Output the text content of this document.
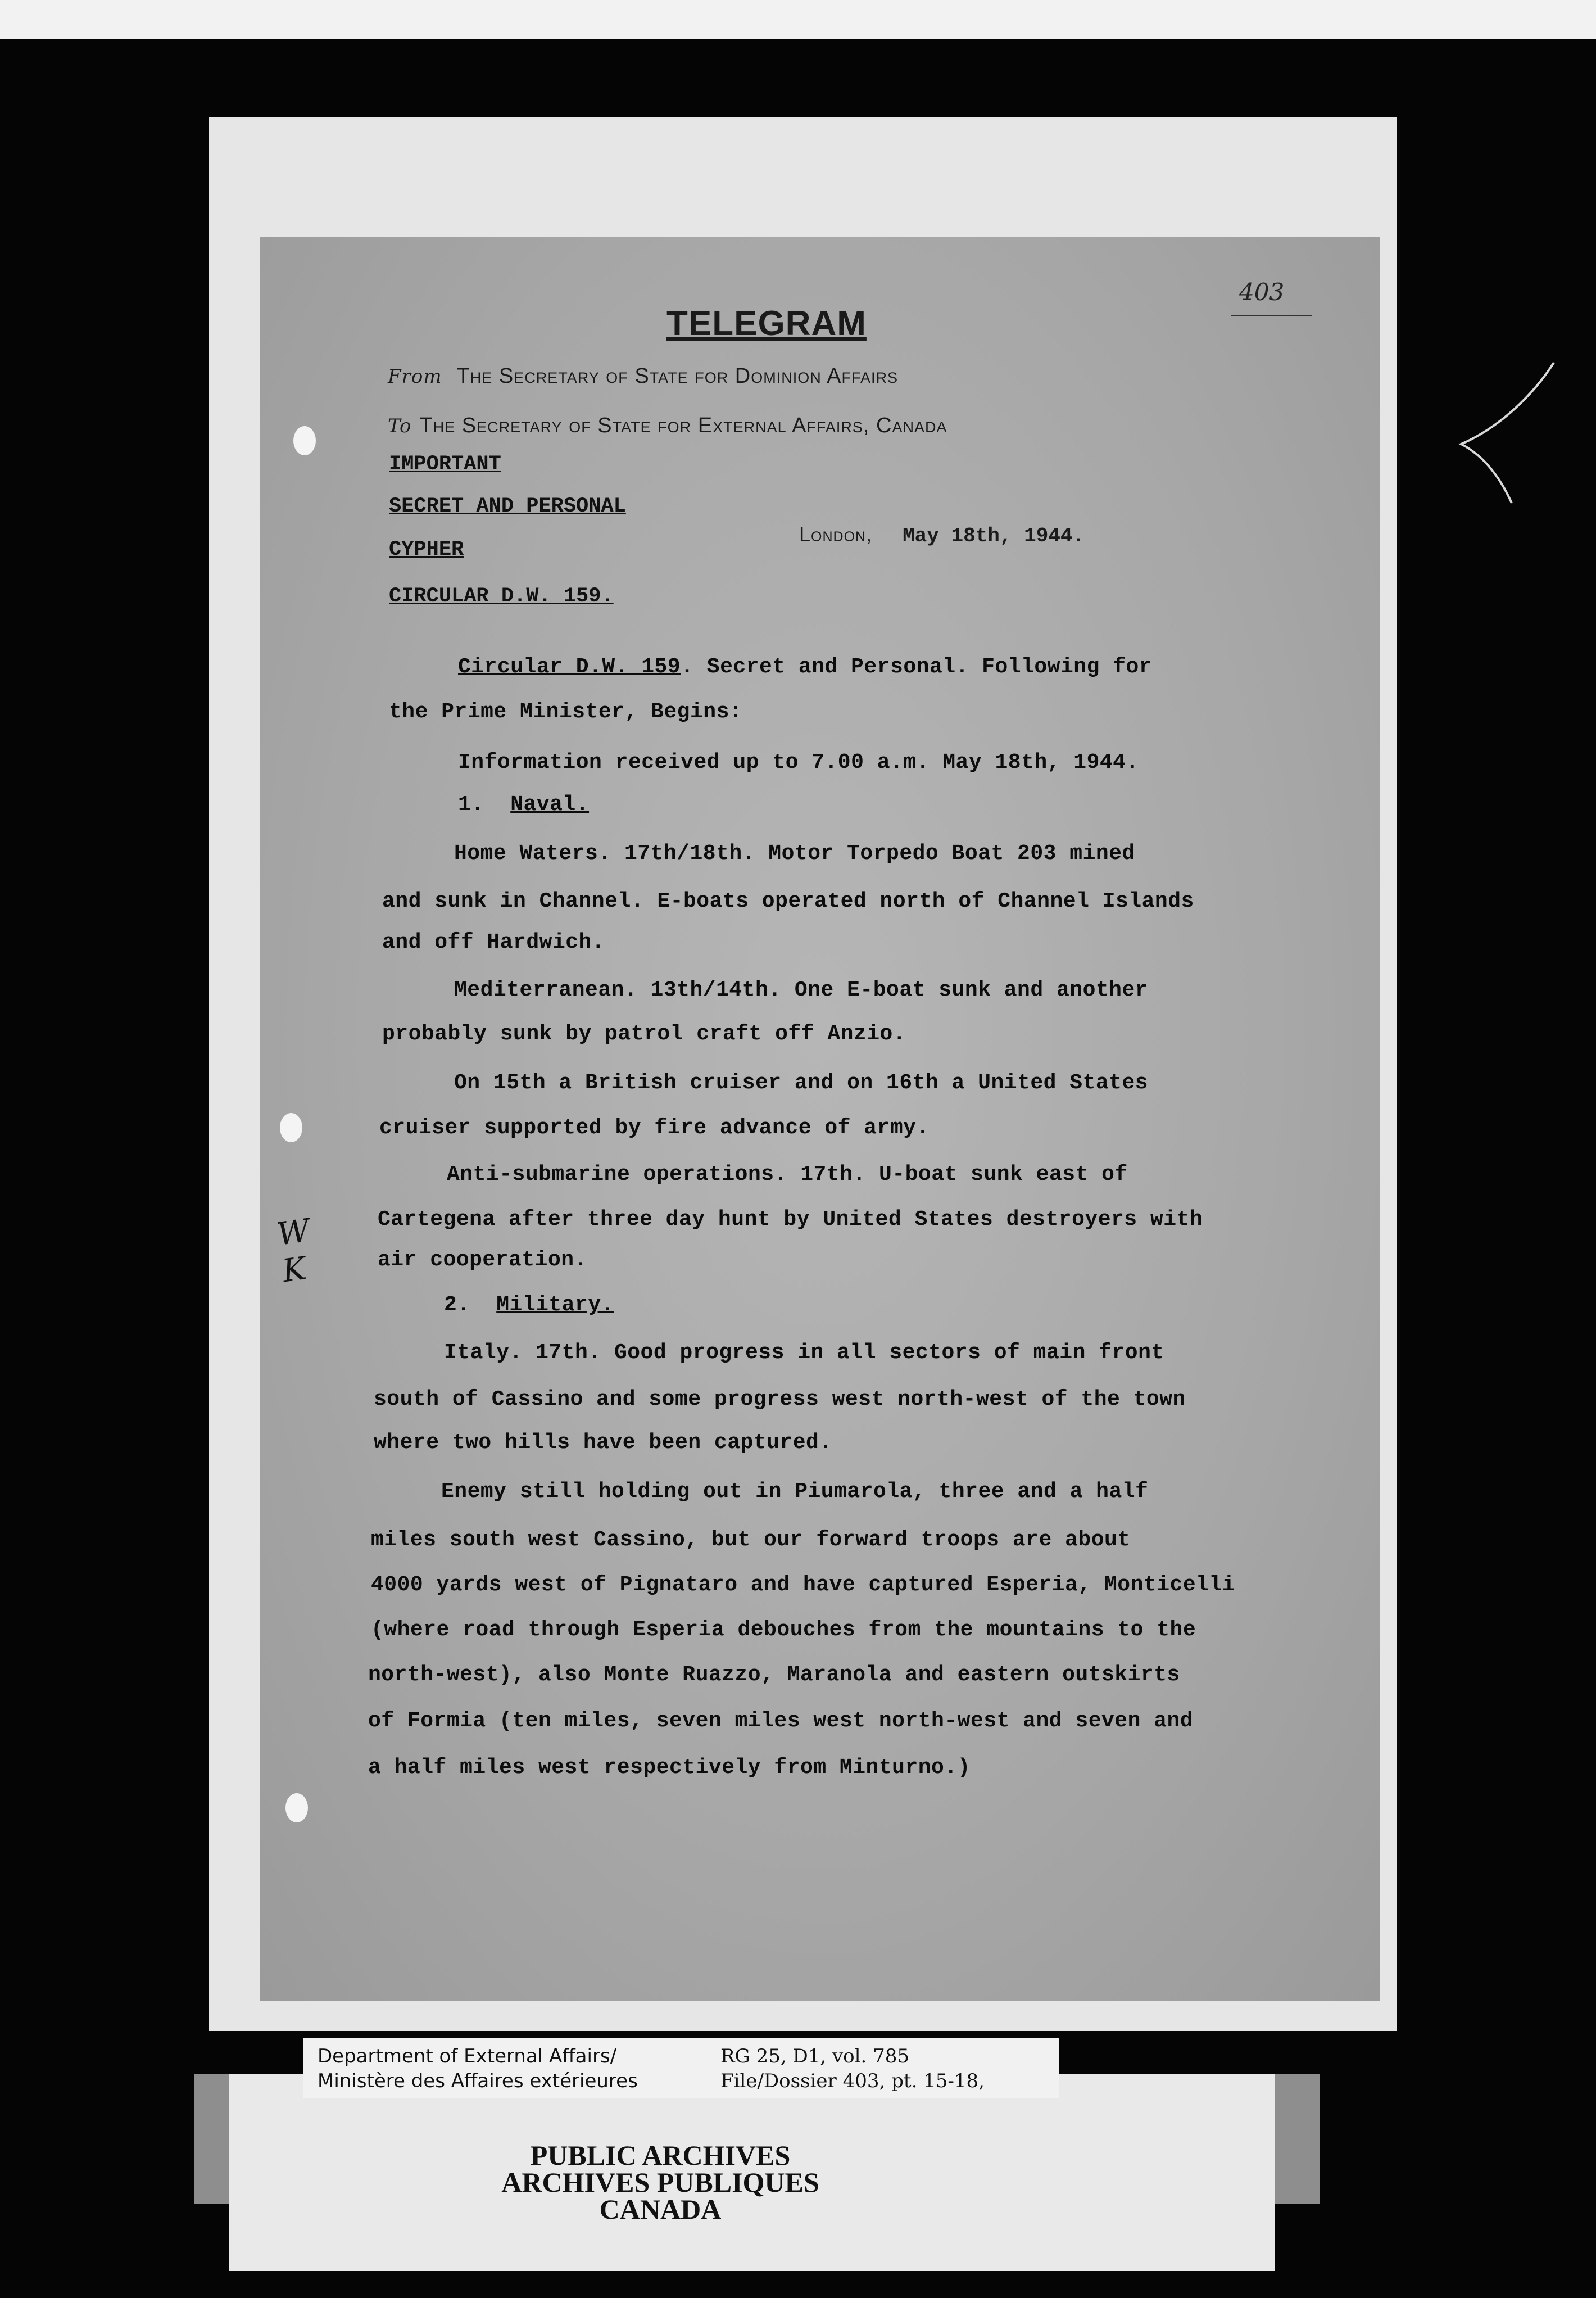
403
W
K
TELEGRAM
From The Secretary of State for Dominion Affairs
To The Secretary of State for External Affairs, Canada
IMPORTANT
SECRET AND PERSONAL
CYPHER
CIRCULAR D.W. 159.
London, May 18th, 1944.
Circular D.W. 159. Secret and Personal. Following for
the Prime Minister, Begins:
Information received up to 7.00 a.m. May 18th, 1944.
1. Naval.
Home Waters. 17th/18th. Motor Torpedo Boat 203 mined
and sunk in Channel. E-boats operated north of Channel Islands
and off Hardwich.
Mediterranean. 13th/14th. One E-boat sunk and another
probably sunk by patrol craft off Anzio.
On 15th a British cruiser and on 16th a United States
cruiser supported by fire advance of army.
Anti-submarine operations. 17th. U-boat sunk east of
Cartegena after three day hunt by United States destroyers with
air cooperation.
2. Military.
Italy. 17th. Good progress in all sectors of main front
south of Cassino and some progress west north-west of the town
where two hills have been captured.
Enemy still holding out in Piumarola, three and a half
miles south west Cassino, but our forward troops are about
4000 yards west of Pignataro and have captured Esperia, Monticelli
(where road through Esperia debouches from the mountains to the
north-west), also Monte Ruazzo, Maranola and eastern outskirts
of Formia (ten miles, seven miles west north-west and seven and
a half miles west respectively from Minturno.)
Department of External Affairs/
Ministère des Affaires extérieures
RG 25, D1, vol. 785
File/Dossier 403, pt. 15-18,
PUBLIC ARCHIVES
ARCHIVES PUBLIQUES
CANADA
